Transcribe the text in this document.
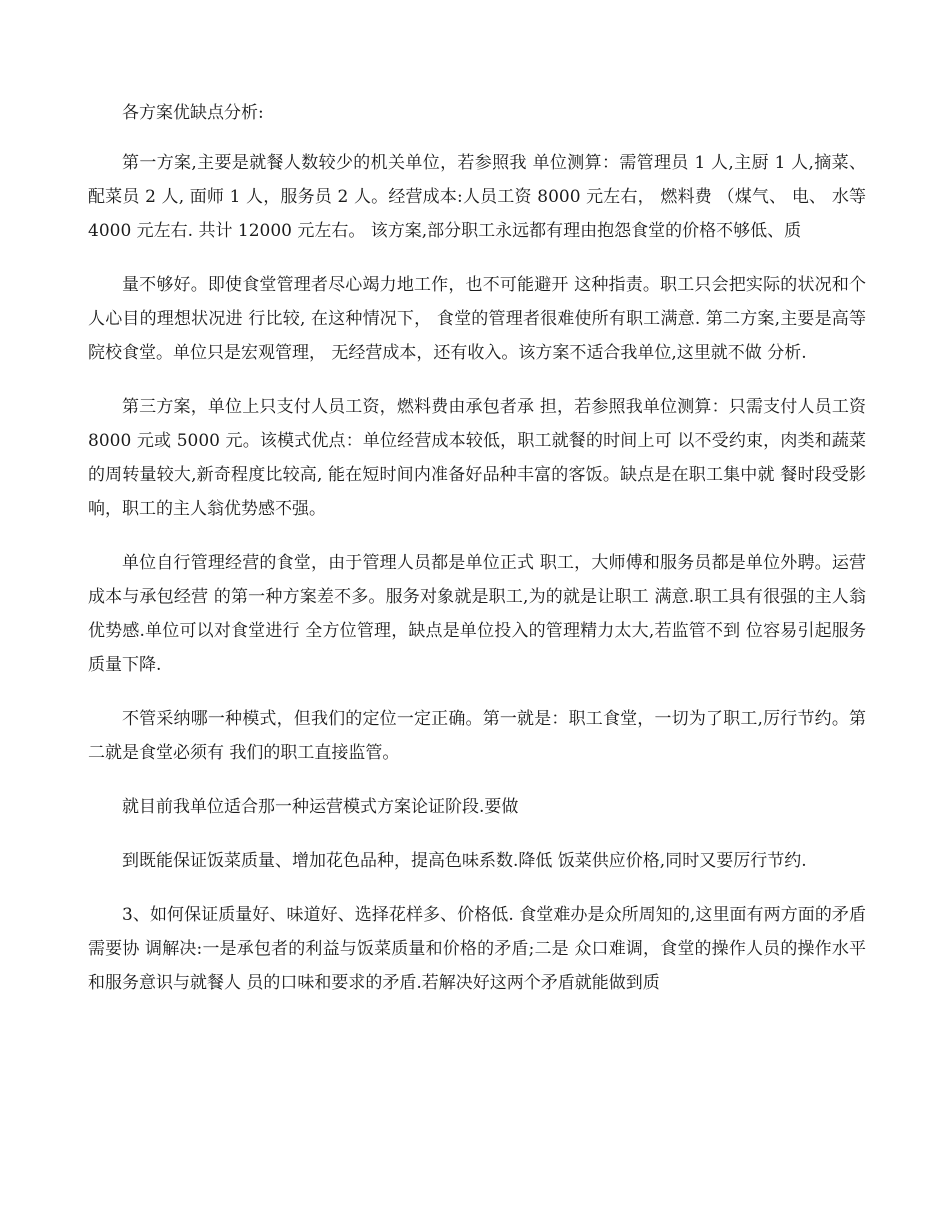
各方案优缺点分析:

第一方案,主要是就餐人数较少的机关单位，若参照我 单位测算：需管理员 1 人,主厨 1 人,摘菜、配菜员 2 人, 面师 1 人，服务员 2 人。经营成本:人员工资 8000 元左右， 燃料费 （煤气、 电、 水等 4000 元左右. 共计 12000 元左右。 该方案,部分职工永远都有理由抱怨食堂的价格不够低、质

量不够好。即使食堂管理者尽心竭力地工作，也不可能避开 这种指责。职工只会把实际的状况和个人心目的理想状况进 行比较, 在这种情况下， 食堂的管理者很难使所有职工满意. 第二方案,主要是高等院校食堂。单位只是宏观管理， 无经营成本，还有收入。该方案不适合我单位,这里就不做 分析.

第三方案，单位上只支付人员工资，燃料费由承包者承 担，若参照我单位测算：只需支付人员工资 8000 元或 5000 元。该模式优点：单位经营成本较低，职工就餐的时间上可 以不受约束，肉类和蔬菜的周转量较大,新奇程度比较高, 能在短时间内准备好品种丰富的客饭。缺点是在职工集中就 餐时段受影响，职工的主人翁优势感不强。

单位自行管理经营的食堂，由于管理人员都是单位正式 职工，大师傅和服务员都是单位外聘。运营成本与承包经营 的第一种方案差不多。服务对象就是职工,为的就是让职工 满意.职工具有很强的主人翁优势感.单位可以对食堂进行 全方位管理，缺点是单位投入的管理精力太大,若监管不到 位容易引起服务质量下降.

不管采纳哪一种模式，但我们的定位一定正确。第一就是：职工食堂，一切为了职工,厉行节约。第二就是食堂必须有 我们的职工直接监管。

就目前我单位适合那一种运营模式方案论证阶段.要做

到既能保证饭菜质量、增加花色品种，提高色味系数.降低 饭菜供应价格,同时又要厉行节约.

3、如何保证质量好、味道好、选择花样多、价格低. 食堂难办是众所周知的,这里面有两方面的矛盾需要协 调解决:一是承包者的利益与饭菜质量和价格的矛盾;二是 众口难调，食堂的操作人员的操作水平和服务意识与就餐人 员的口味和要求的矛盾.若解决好这两个矛盾就能做到质
